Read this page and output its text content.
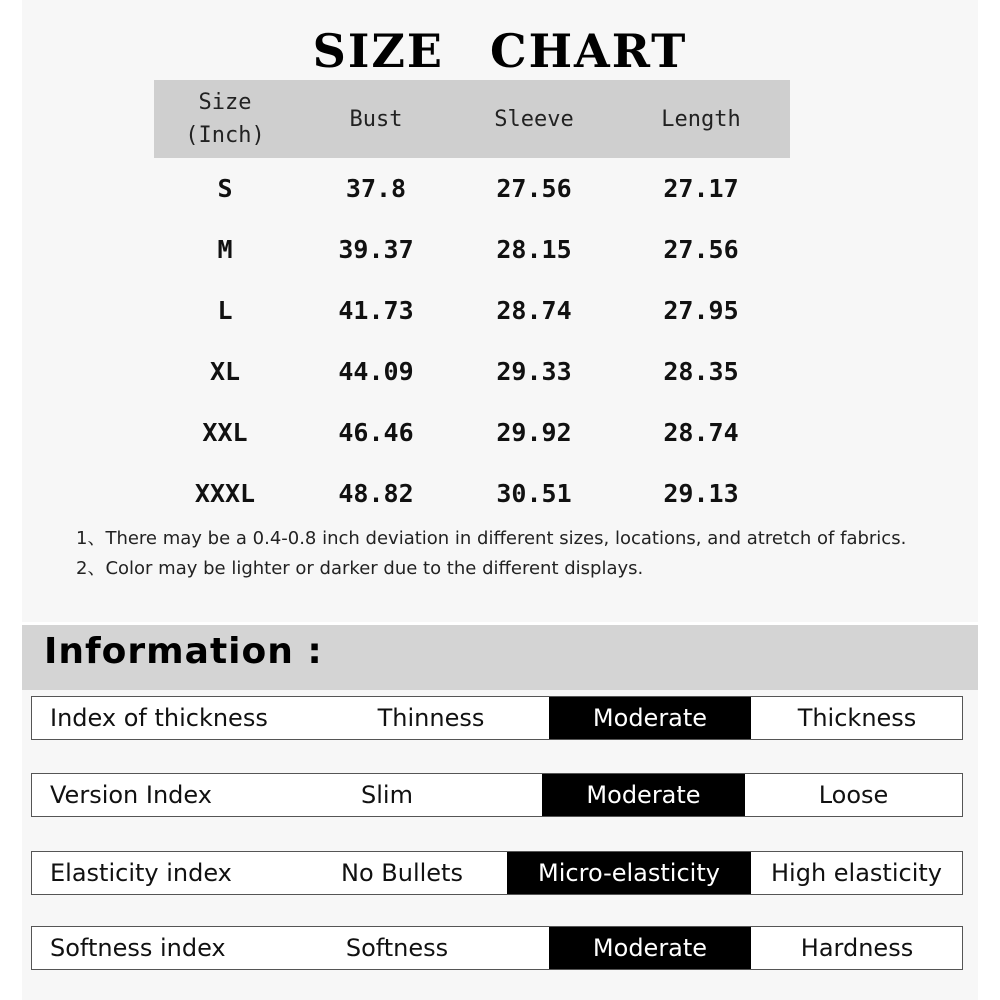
SIZE CHART
Size
(Inch)	Bust	Sleeve	Length
S	37.8	27.56	27.17
M	39.37	28.15	27.56
L	41.73	28.74	27.95
XL	44.09	29.33	28.35
XXL	46.46	29.92	28.74
XXXL	48.82	30.51	29.13
1、There may be a 0.4-0.8 inch deviation in different sizes, locations, and atretch of fabrics.
2、Color may be lighter or darker due to the different displays.
Information :
Index of thickness	Thinness	Moderate	Thickness
Version Index	Slim	Moderate	Loose
Elasticity index	No Bullets	Micro-elasticity	High elasticity
Softness index	Softness	Moderate	Hardness
